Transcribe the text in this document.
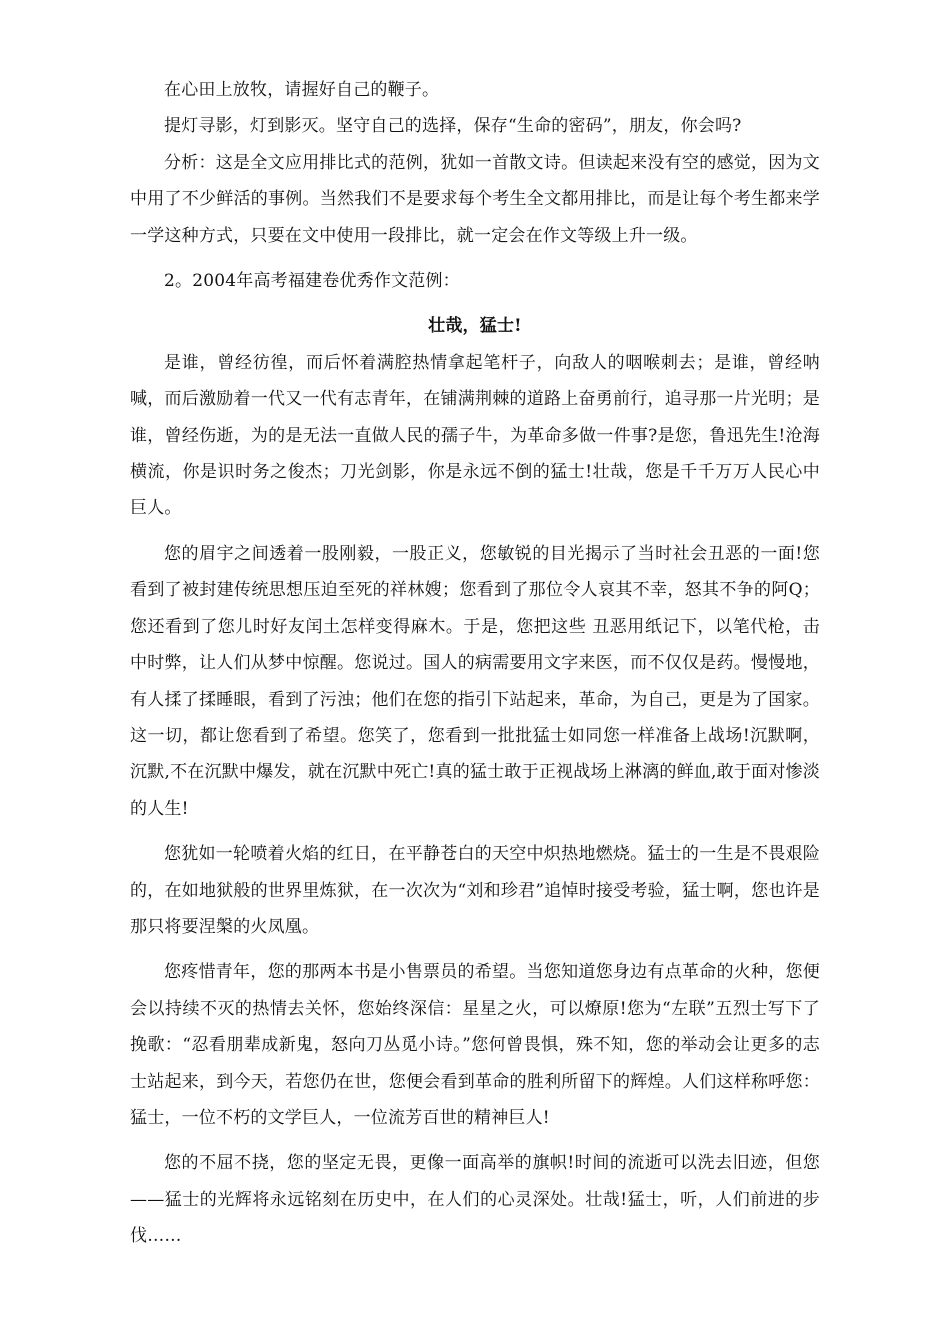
在心田上放牧，请握好自己的鞭子。

提灯寻影，灯到影灭。坚守自己的选择，保存“生命的密码”，朋友，你会吗?

分析：这是全文应用排比式的范例，犹如一首散文诗。但读起来没有空的感觉，因为文中用了不少鲜活的事例。当然我们不是要求每个考生全文都用排比，而是让每个考生都来学一学这种方式，只要在文中使用一段排比，就一定会在作文等级上升一级。

2。2004年高考福建卷优秀作文范例：

壮哉，猛士!

是谁，曾经彷徨，而后怀着满腔热情拿起笔杆子，向敌人的咽喉刺去；是谁，曾经呐喊，而后激励着一代又一代有志青年，在铺满荆棘的道路上奋勇前行，追寻那一片光明；是谁，曾经伤逝，为的是无法一直做人民的孺子牛，为革命多做一件事?是您，鲁迅先生!沧海横流，你是识时务之俊杰；刀光剑影，你是永远不倒的猛士!壮哉，您是千千万万人民心中 巨人。

您的眉宇之间透着一股刚毅，一股正义，您敏锐的目光揭示了当时社会丑恶的一面!您看到了被封建传统思想压迫至死的祥林嫂；您看到了那位令人哀其不幸，怒其不争的阿Q；您还看到了您儿时好友闰土怎样变得麻木。于是，您把这些 丑恶用纸记下，以笔代枪，击中时弊，让人们从梦中惊醒。您说过。国人的病需要用文字来医，而不仅仅是药。慢慢地，有人揉了揉睡眼，看到了污浊；他们在您的指引下站起来，革命，为自己，更是为了国家。这一切，都让您看到了希望。您笑了，您看到一批批猛士如同您一样准备上战场!沉默啊，沉默,不在沉默中爆发，就在沉默中死亡!真的猛士敢于正视战场上淋漓的鲜血,敢于面对惨淡的人生!

您犹如一轮喷着火焰的红日，在平静苍白的天空中炽热地燃烧。猛士的一生是不畏艰险的，在如地狱般的世界里炼狱，在一次次为“刘和珍君”追悼时接受考验，猛士啊，您也许是那只将要涅槃的火凤凰。

您疼惜青年，您的那两本书是小售票员的希望。当您知道您身边有点革命的火种，您便会以持续不灭的热情去关怀，您始终深信：星星之火，可以燎原!您为“左联”五烈士写下了挽歌：“忍看朋辈成新鬼，怒向刀丛觅小诗。”您何曾畏惧，殊不知，您的举动会让更多的志士站起来，到今天，若您仍在世，您便会看到革命的胜利所留下的辉煌。人们这样称呼您：猛士，一位不朽的文学巨人，一位流芳百世的精神巨人!

您的不屈不挠，您的坚定无畏，更像一面高举的旗帜!时间的流逝可以洗去旧迹，但您——猛士的光辉将永远铭刻在历史中，在人们的心灵深处。壮哉!猛士，听，人们前进的步伐……
